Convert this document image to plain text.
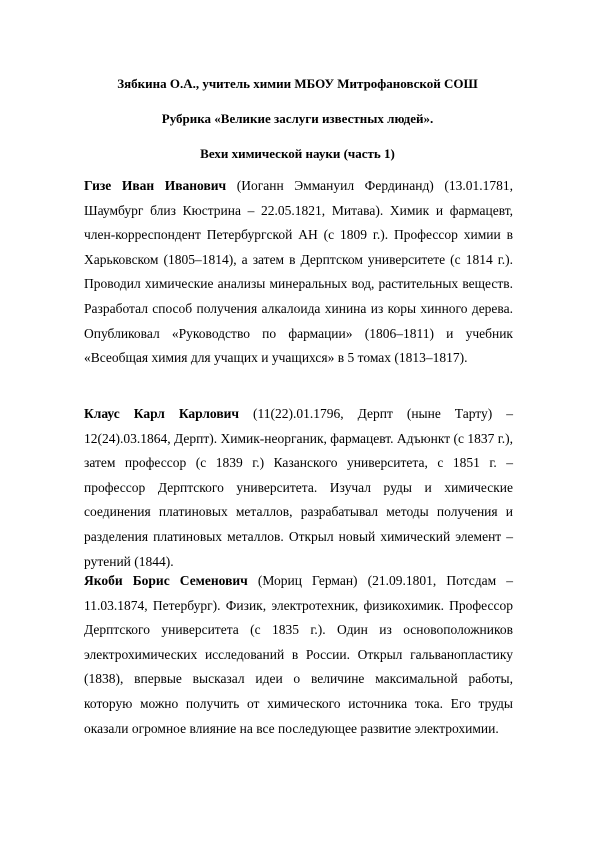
Зябкина О.А., учитель химии МБОУ Митрофановской СОШ
Рубрика «Великие заслуги известных людей».
Вехи химической науки (часть 1)

Гизе Иван Иванович (Иоганн Эммануил Фердинанд) (13.01.1781, Шаумбург близ Кюстрина – 22.05.1821, Митава). Химик и фармацевт, член-корреспондент Петербургской АН (с 1809 г.). Профессор химии в Харьковском (1805–1814), а затем в Дерптском университете (с 1814 г.). Проводил химические анализы минеральных вод, растительных веществ. Разработал способ получения алкалоида хинина из коры хинного дерева. Опубликовал «Руководство по фармации» (1806–1811) и учебник «Всеобщая химия для учащих и учащихся» в 5 томах (1813–1817).

Клаус Карл Карлович (11(22).01.1796, Дерпт (ныне Тарту) – 12(24).03.1864, Дерпт). Химик-неорганик, фармацевт. Адъюнкт (с 1837 г.), затем профессор (с 1839 г.) Казанского университета, с 1851 г. – профессор Дерптского университета. Изучал руды и химические соединения платиновых металлов, разрабатывал методы получения и разделения платиновых металлов. Открыл новый химический элемент – рутений (1844).

Якоби Борис Семенович (Мориц Герман) (21.09.1801, Потсдам – 11.03.1874, Петербург). Физик, электротехник, физикохимик. Профессор Дерптского университета (с 1835 г.). Один из основоположников электрохимических исследований в России. Открыл гальванопластику (1838), впервые высказал идеи о величине максимальной работы, которую можно получить от химического источника тока. Его труды оказали огромное влияние на все последующее развитие электрохимии.
